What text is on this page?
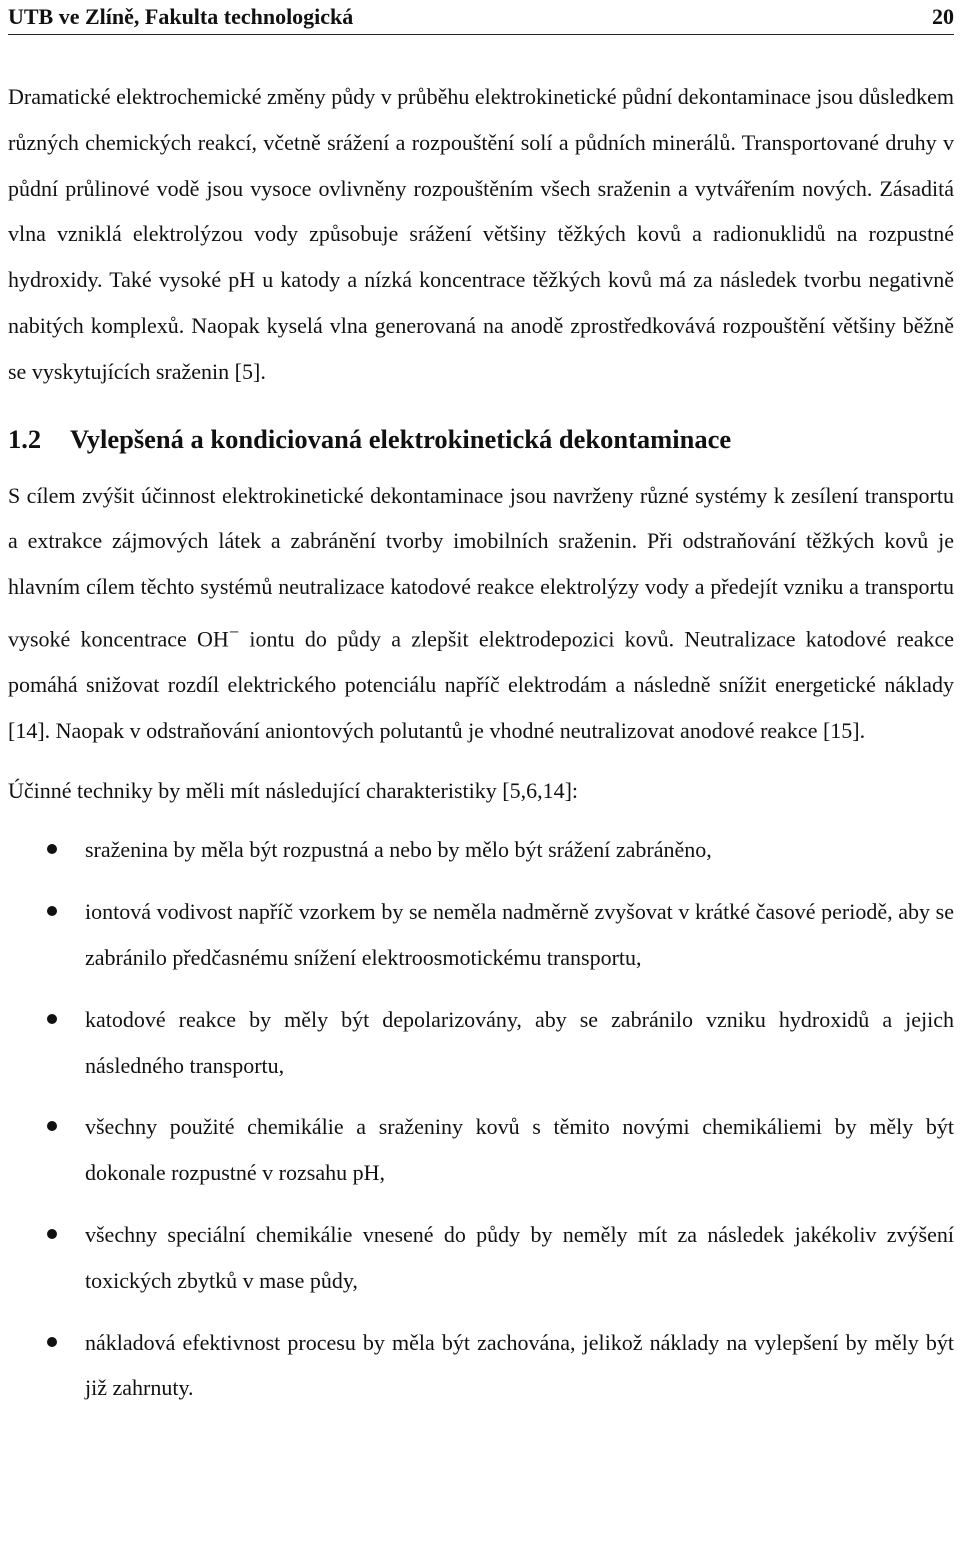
UTB ve Zlíně, Fakulta technologická	20

Dramatické elektrochemické změny půdy v průběhu elektrokinetické půdní dekontaminace jsou důsledkem různých chemických reakcí, včetně srážení a rozpouštění solí a půdních minerálů. Transportované druhy v půdní průlinové vodě jsou vysoce ovlivněny rozpouštěním všech sraženin a vytvářením nových. Zásaditá vlna vzniklá elektrolýzou vody způsobuje srážení většiny těžkých kovů a radionuklidů na rozpustné hydroxidy. Také vysoké pH u katody a nízká koncentrace těžkých kovů má za následek tvorbu negativně nabitých komplexů. Naopak kyselá vlna generovaná na anodě zprostředkovává rozpouštění většiny běžně se vyskytujících sraženin [5].

1.2 Vylepšená a kondiciovaná elektrokinetická dekontaminace

S cílem zvýšit účinnost elektrokinetické dekontaminace jsou navrženy různé systémy k zesílení transportu a extrakce zájmových látek a zabránění tvorby imobilních sraženin. Při odstraňování těžkých kovů je hlavním cílem těchto systémů neutralizace katodové reakce elektrolýzy vody a předejít vzniku a transportu vysoké koncentrace OH− iontu do půdy a zlepšit elektrodepozici kovů. Neutralizace katodové reakce pomáhá snižovat rozdíl elektrického potenciálu napříč elektrodám a následně snížit energetické náklady [14]. Naopak v odstraňování aniontových polutantů je vhodné neutralizovat anodové reakce [15].

Účinné techniky by měli mít následující charakteristiky [5,6,14]:

sraženina by měla být rozpustná a nebo by mělo být srážení zabráněno,
iontová vodivost napříč vzorkem by se neměla nadměrně zvyšovat v krátké časové periodě, aby se zabránilo předčasnému snížení elektroosmotickému transportu,
katodové reakce by měly být depolarizovány, aby se zabránilo vzniku hydroxidů a jejich následného transportu,
všechny použité chemikálie a sraženiny kovů s těmito novými chemikáliemi by měly být dokonale rozpustné v rozsahu pH,
všechny speciální chemikálie vnesené do půdy by neměly mít za následek jakékoliv zvýšení toxických zbytků v mase půdy,
nákladová efektivnost procesu by měla být zachována, jelikož náklady na vylepšení by měly být již zahrnuty.
